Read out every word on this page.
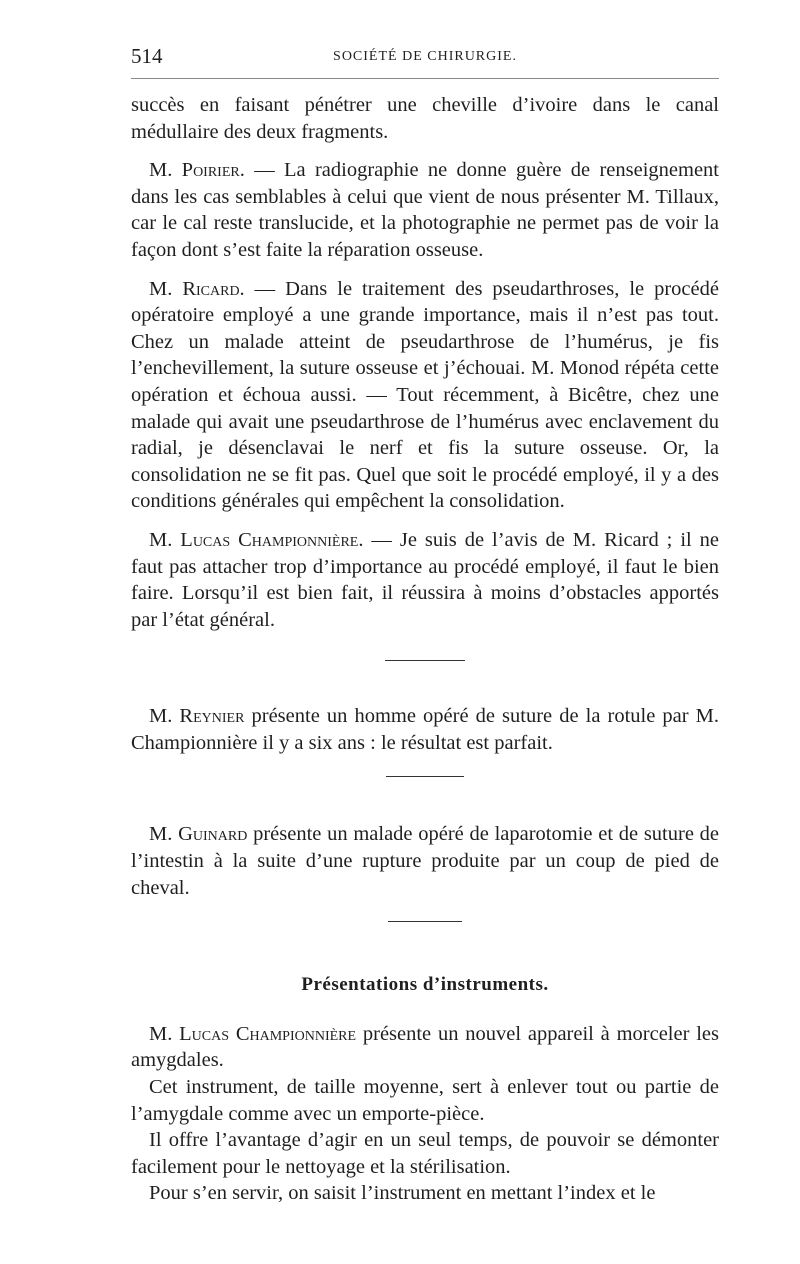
514	SOCIÉTÉ DE CHIRURGIE.

succès en faisant pénétrer une cheville d’ivoire dans le canal médullaire des deux fragments.

M. Poirier. — La radiographie ne donne guère de renseignement dans les cas semblables à celui que vient de nous présenter M. Tillaux, car le cal reste translucide, et la photographie ne permet pas de voir la façon dont s’est faite la réparation osseuse.

M. Ricard. — Dans le traitement des pseudarthroses, le procédé opératoire employé a une grande importance, mais il n’est pas tout. Chez un malade atteint de pseudarthrose de l’humérus, je fis l’enchevillement, la suture osseuse et j’échouai. M. Monod répéta cette opération et échoua aussi. — Tout récemment, à Bicêtre, chez une malade qui avait une pseudarthrose de l’humérus avec enclavement du radial, je désenclavai le nerf et fis la suture osseuse. Or, la consolidation ne se fit pas. Quel que soit le procédé employé, il y a des conditions générales qui empêchent la consolidation.

M. Lucas Championnière. — Je suis de l’avis de M. Ricard ; il ne faut pas attacher trop d’importance au procédé employé, il faut le bien faire. Lorsqu’il est bien fait, il réussira à moins d’obstacles apportés par l’état général.

M. Reynier présente un homme opéré de suture de la rotule par M. Championnière il y a six ans : le résultat est parfait.

M. Guinard présente un malade opéré de laparotomie et de suture de l’intestin à la suite d’une rupture produite par un coup de pied de cheval.

Présentations d’instruments.

M. Lucas Championnière présente un nouvel appareil à morceler les amygdales.

Cet instrument, de taille moyenne, sert à enlever tout ou partie de l’amygdale comme avec un emporte-pièce.

Il offre l’avantage d’agir en un seul temps, de pouvoir se démonter facilement pour le nettoyage et la stérilisation.

Pour s’en servir, on saisit l’instrument en mettant l’index et le
